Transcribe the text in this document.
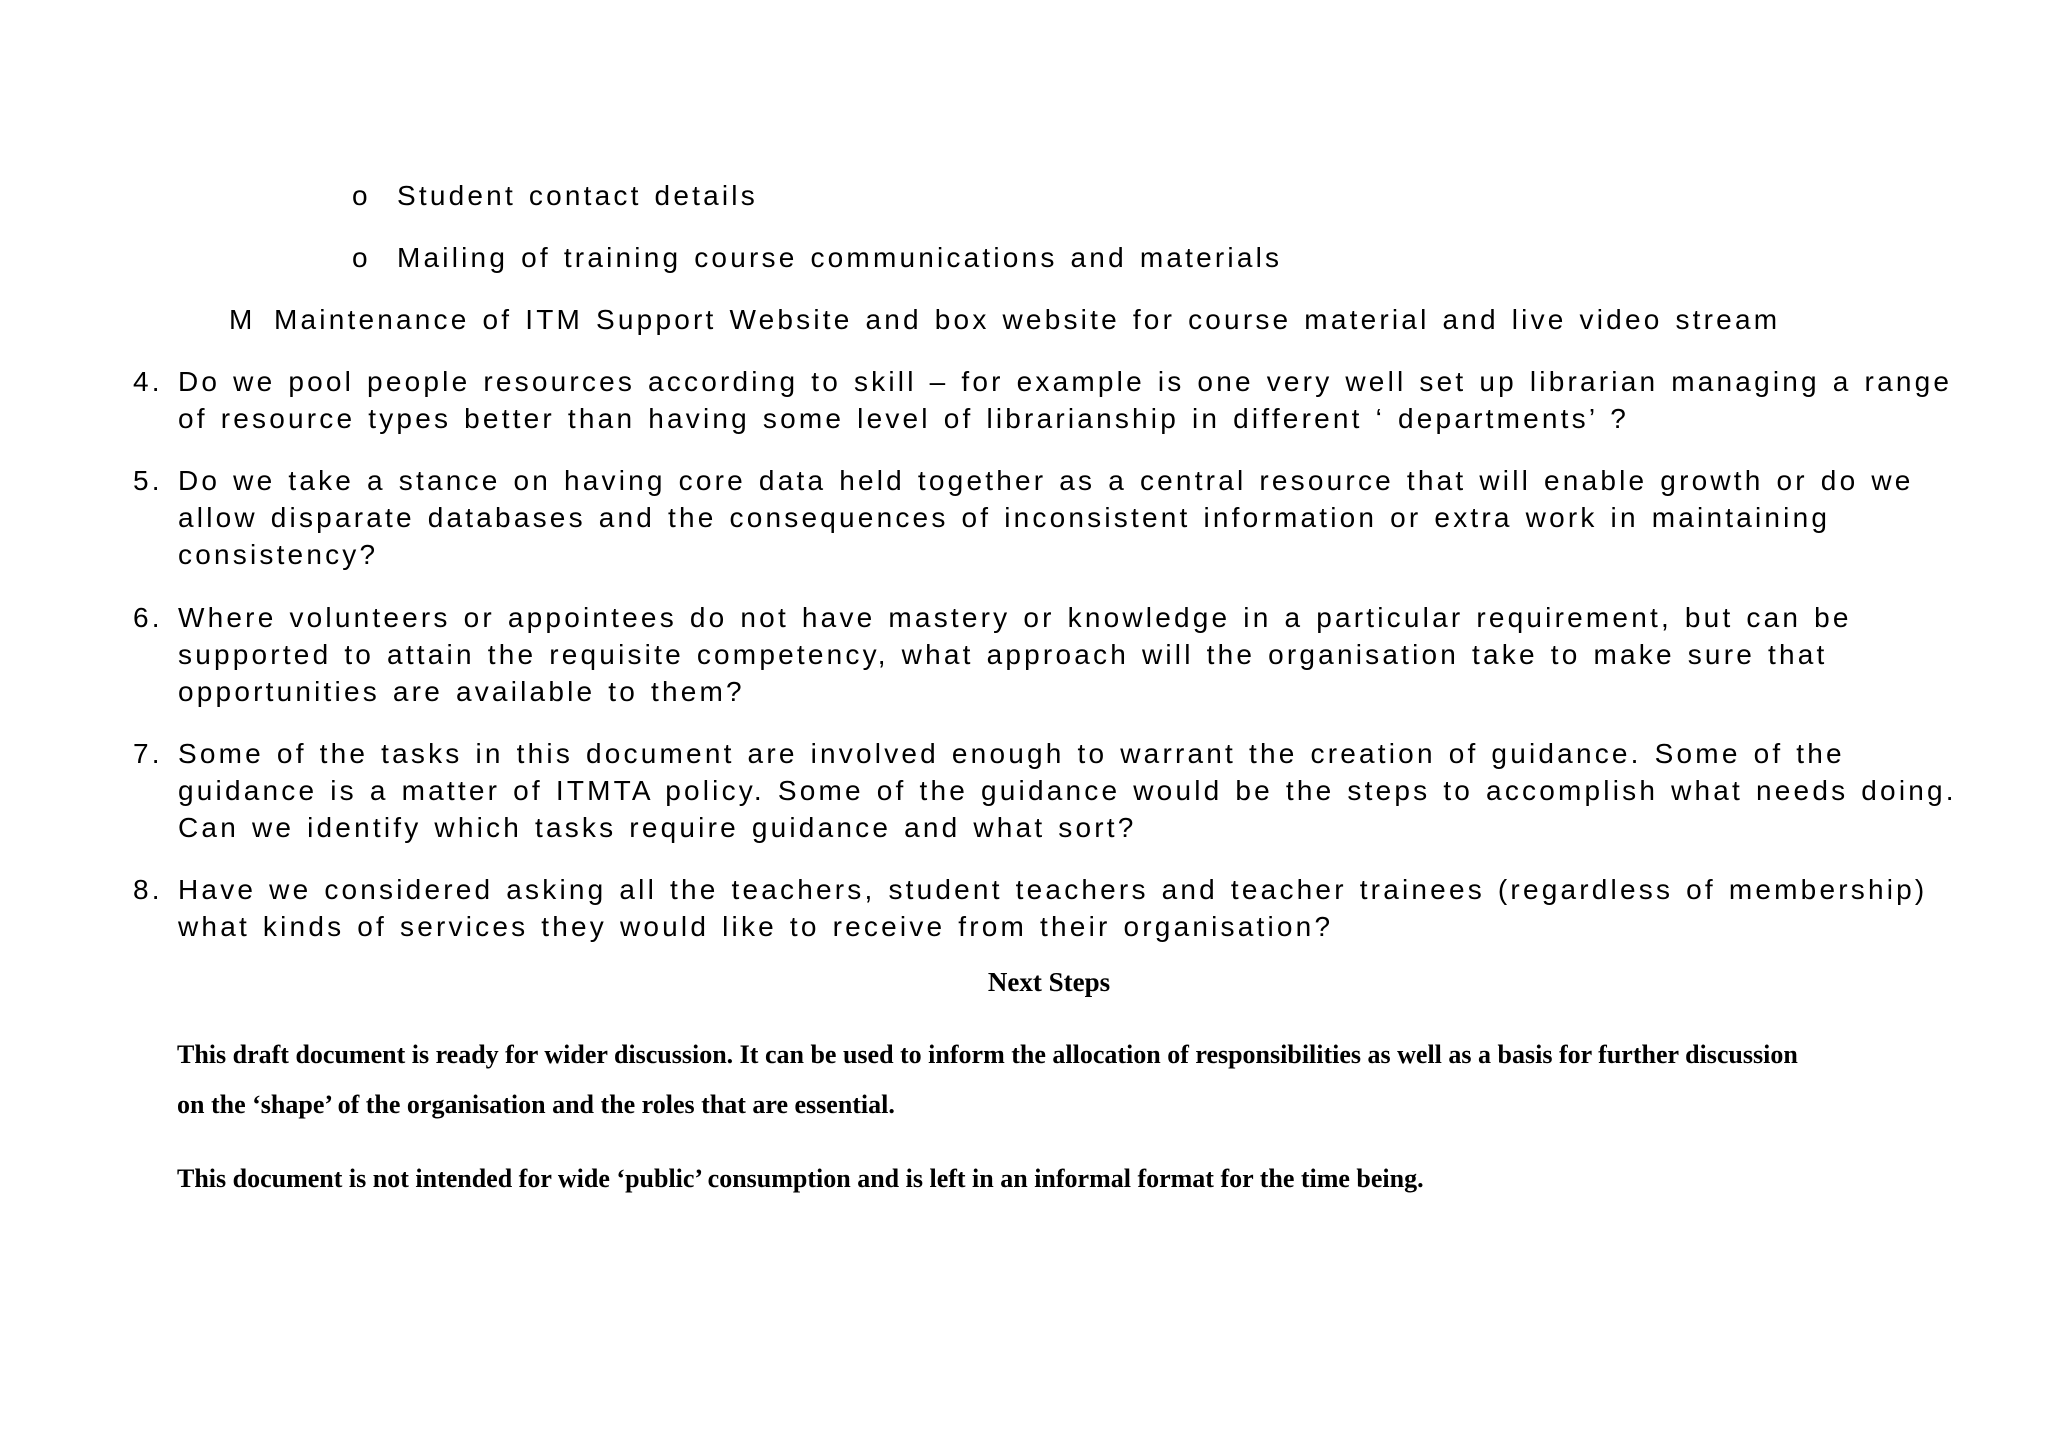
o Student contact details
o Mailing of training course communications and materials
M Maintenance of ITM Support Website and box website for course material and live video stream
4. Do we pool people resources according to skill – for example is one very well set up librarian managing a range
of resource types better than having some level of librarianship in different ‘ departments’ ?
5. Do we take a stance on having core data held together as a central resource that will enable growth or do we
allow disparate databases and the consequences of inconsistent information or extra work in maintaining
consistency?
6. Where volunteers or appointees do not have mastery or knowledge in a particular requirement, but can be
supported to attain the requisite competency, what approach will the organisation take to make sure that
opportunities are available to them?
7. Some of the tasks in this document are involved enough to warrant the creation of guidance. Some of the
guidance is a matter of ITMTA policy. Some of the guidance would be the steps to accomplish what needs doing.
Can we identify which tasks require guidance and what sort?
8. Have we considered asking all the teachers, student teachers and teacher trainees (regardless of membership)
what kinds of services they would like to receive from their organisation?
Next Steps
This draft document is ready for wider discussion. It can be used to inform the allocation of responsibilities as well as a basis for further discussion
on the ‘shape’ of the organisation and the roles that are essential.
This document is not intended for wide ‘public’ consumption and is left in an informal format for the time being.
